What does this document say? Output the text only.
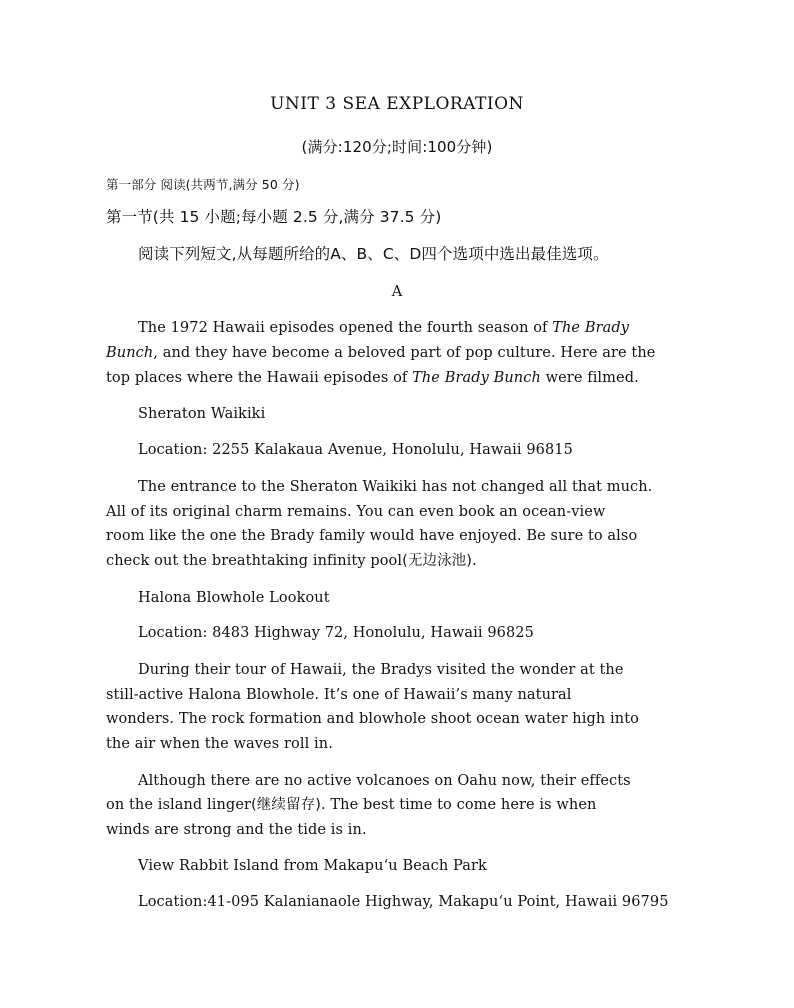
UNIT 3 SEA EXPLORATION
(满分:120分;时间:100分钟)
第一部分 阅读(共两节,满分 50 分)
第一节(共 15 小题;每小题 2.5 分,满分 37.5 分)
阅读下列短文,从每题所给的A、B、C、D四个选项中选出最佳选项。
A
The 1972 Hawaii episodes opened the fourth season of The Brady
Bunch, and they have become a beloved part of pop culture. Here are the
top places where the Hawaii episodes of The Brady Bunch were filmed.
Sheraton Waikiki
Location: 2255 Kalakaua Avenue, Honolulu, Hawaii 96815
The entrance to the Sheraton Waikiki has not changed all that much.
All of its original charm remains. You can even book an ocean-view
room like the one the Brady family would have enjoyed. Be sure to also
check out the breathtaking infinity pool(无边泳池).
Halona Blowhole Lookout
Location: 8483 Highway 72, Honolulu, Hawaii 96825
During their tour of Hawaii, the Bradys visited the wonder at the
still-active Halona Blowhole. It’s one of Hawaii’s many natural
wonders. The rock formation and blowhole shoot ocean water high into
the air when the waves roll in.
Although there are no active volcanoes on Oahu now, their effects
on the island linger(继续留存). The best time to come here is when
winds are strong and the tide is in.
View Rabbit Island from Makapu‘u Beach Park
Location:41-095 Kalanianaole Highway, Makapu‘u Point, Hawaii 96795
